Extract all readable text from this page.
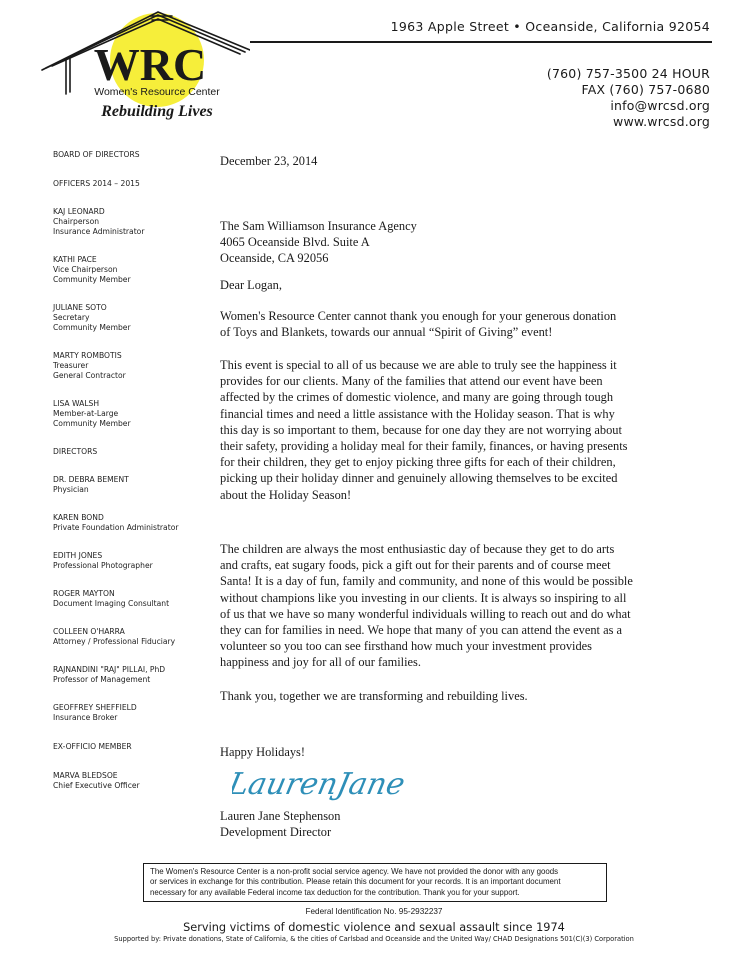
WRC
Women's Resource Center
Rebuilding Lives
1963 Apple Street • Oceanside, California 92054
(760) 757-3500 24 HOUR
FAX (760) 757-0680
info@wrcsd.org
www.wrcsd.org
BOARD OF DIRECTORS
OFFICERS 2014 – 2015
KAJ LEONARD
Chairperson
Insurance Administrator
KATHI PACE
Vice Chairperson
Community Member
JULIANE SOTO
Secretary
Community Member
MARTY ROMBOTIS
Treasurer
General Contractor
LISA WALSH
Member-at-Large
Community Member
DIRECTORS
DR. DEBRA BEMENT
Physician
KAREN BOND
Private Foundation Administrator
EDITH JONES
Professional Photographer
ROGER MAYTON
Document Imaging Consultant
COLLEEN O'HARRA
Attorney / Professional Fiduciary
RAJNANDINI "RAJ" PILLAI, PhD
Professor of Management
GEOFFREY SHEFFIELD
Insurance Broker
EX-OFFICIO MEMBER
MARVA BLEDSOE
Chief Executive Officer
December 23, 2014
The Sam Williamson Insurance Agency
4065 Oceanside Blvd. Suite A
Oceanside, CA 92056
Dear Logan,
Women's Resource Center cannot thank you enough for your generous donation
of Toys and Blankets, towards our annual “Spirit of Giving” event!
This event is special to all of us because we are able to truly see the happiness it
provides for our clients. Many of the families that attend our event have been
affected by the crimes of domestic violence, and many are going through tough
financial times and need a little assistance with the Holiday season. That is why
this day is so important to them, because for one day they are not worrying about
their safety, providing a holiday meal for their family, finances, or having presents
for their children, they get to enjoy picking three gifts for each of their children,
picking up their holiday dinner and genuinely allowing themselves to be excited
about the Holiday Season!
The children are always the most enthusiastic day of because they get to do arts
and crafts, eat sugary foods, pick a gift out for their parents and of course meet
Santa! It is a day of fun, family and community, and none of this would be possible
without champions like you investing in our clients. It is always so inspiring to all
of us that we have so many wonderful individuals willing to reach out and do what
they can for families in need. We hope that many of you can attend the event as a
volunteer so you too can see firsthand how much your investment provides
happiness and joy for all of our families.
Thank you, together we are transforming and rebuilding lives.
Happy Holidays!
LaurenJane
Lauren Jane Stephenson
Development Director
The Women's Resource Center is a non-profit social service agency. We have not provided the donor with any goods
or services in exchange for this contribution. Please retain this document for your records. It is an important document
necessary for any available Federal income tax deduction for the contribution. Thank you for your support.
Federal Identification No. 95-2932237
Serving victims of domestic violence and sexual assault since 1974
Supported by: Private donations, State of California, & the cities of Carlsbad and Oceanside and the United Way/ CHAD Designations 501(C)(3) Corporation
